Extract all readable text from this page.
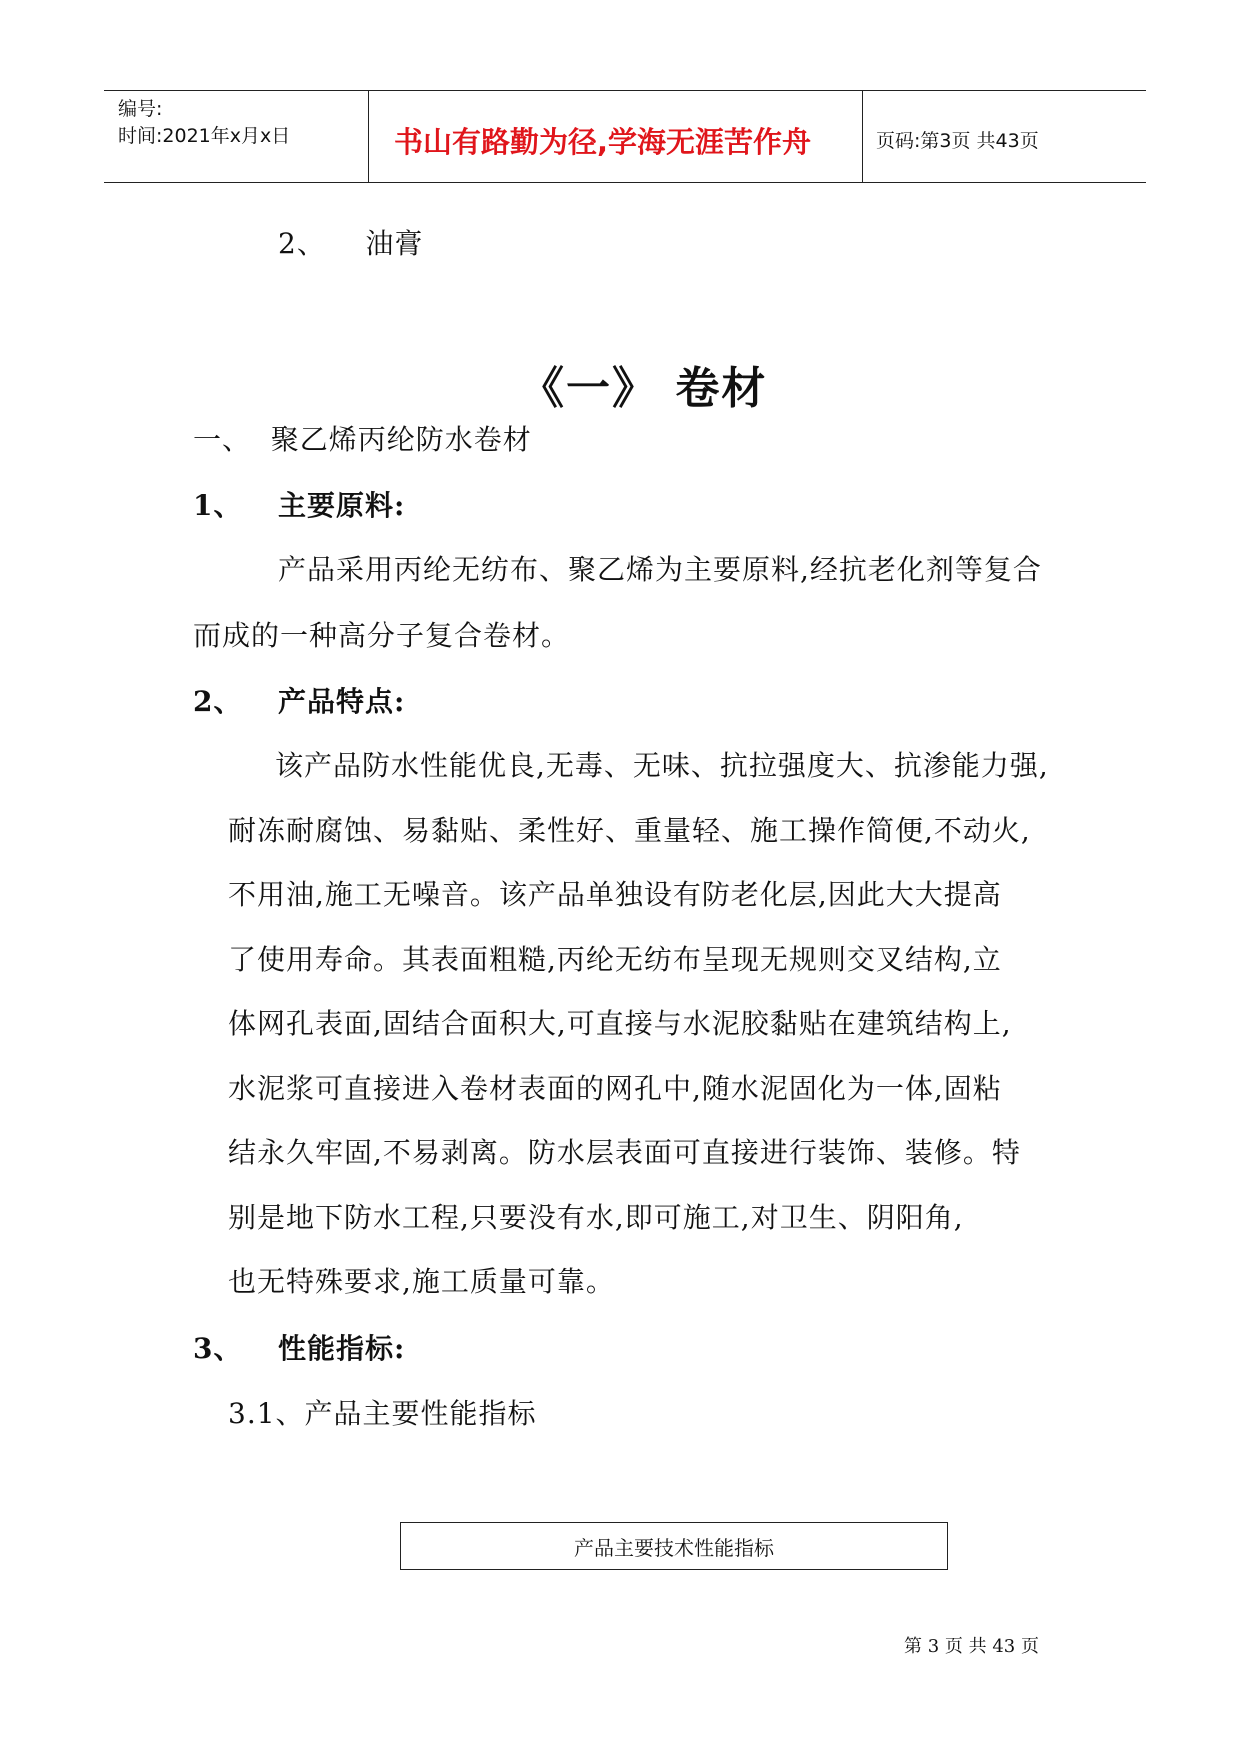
编号:
时间:2021年x月x日	书山有路勤为径,学海无涯苦作舟	页码:第3页 共43页
2、    油膏
《一》 卷材
一、  聚乙烯丙纶防水卷材
1、 主要原料:
产品采用丙纶无纺布、聚乙烯为主要原料,经抗老化剂等复合
而成的一种高分子复合卷材。
2、 产品特点:
该产品防水性能优良,无毒、无味、抗拉强度大、抗渗能力强,
耐冻耐腐蚀、易黏贴、柔性好、重量轻、施工操作简便,不动火,
不用油,施工无噪音。该产品单独设有防老化层,因此大大提高
了使用寿命。其表面粗糙,丙纶无纺布呈现无规则交叉结构,立
体网孔表面,固结合面积大,可直接与水泥胶黏贴在建筑结构上,
水泥浆可直接进入卷材表面的网孔中,随水泥固化为一体,固粘
结永久牢固,不易剥离。防水层表面可直接进行装饰、装修。特
别是地下防水工程,只要没有水,即可施工,对卫生、阴阳角,
也无特殊要求,施工质量可靠。
3、 性能指标:
3.1、产品主要性能指标
产品主要技术性能指标
第 3 页 共 43 页
